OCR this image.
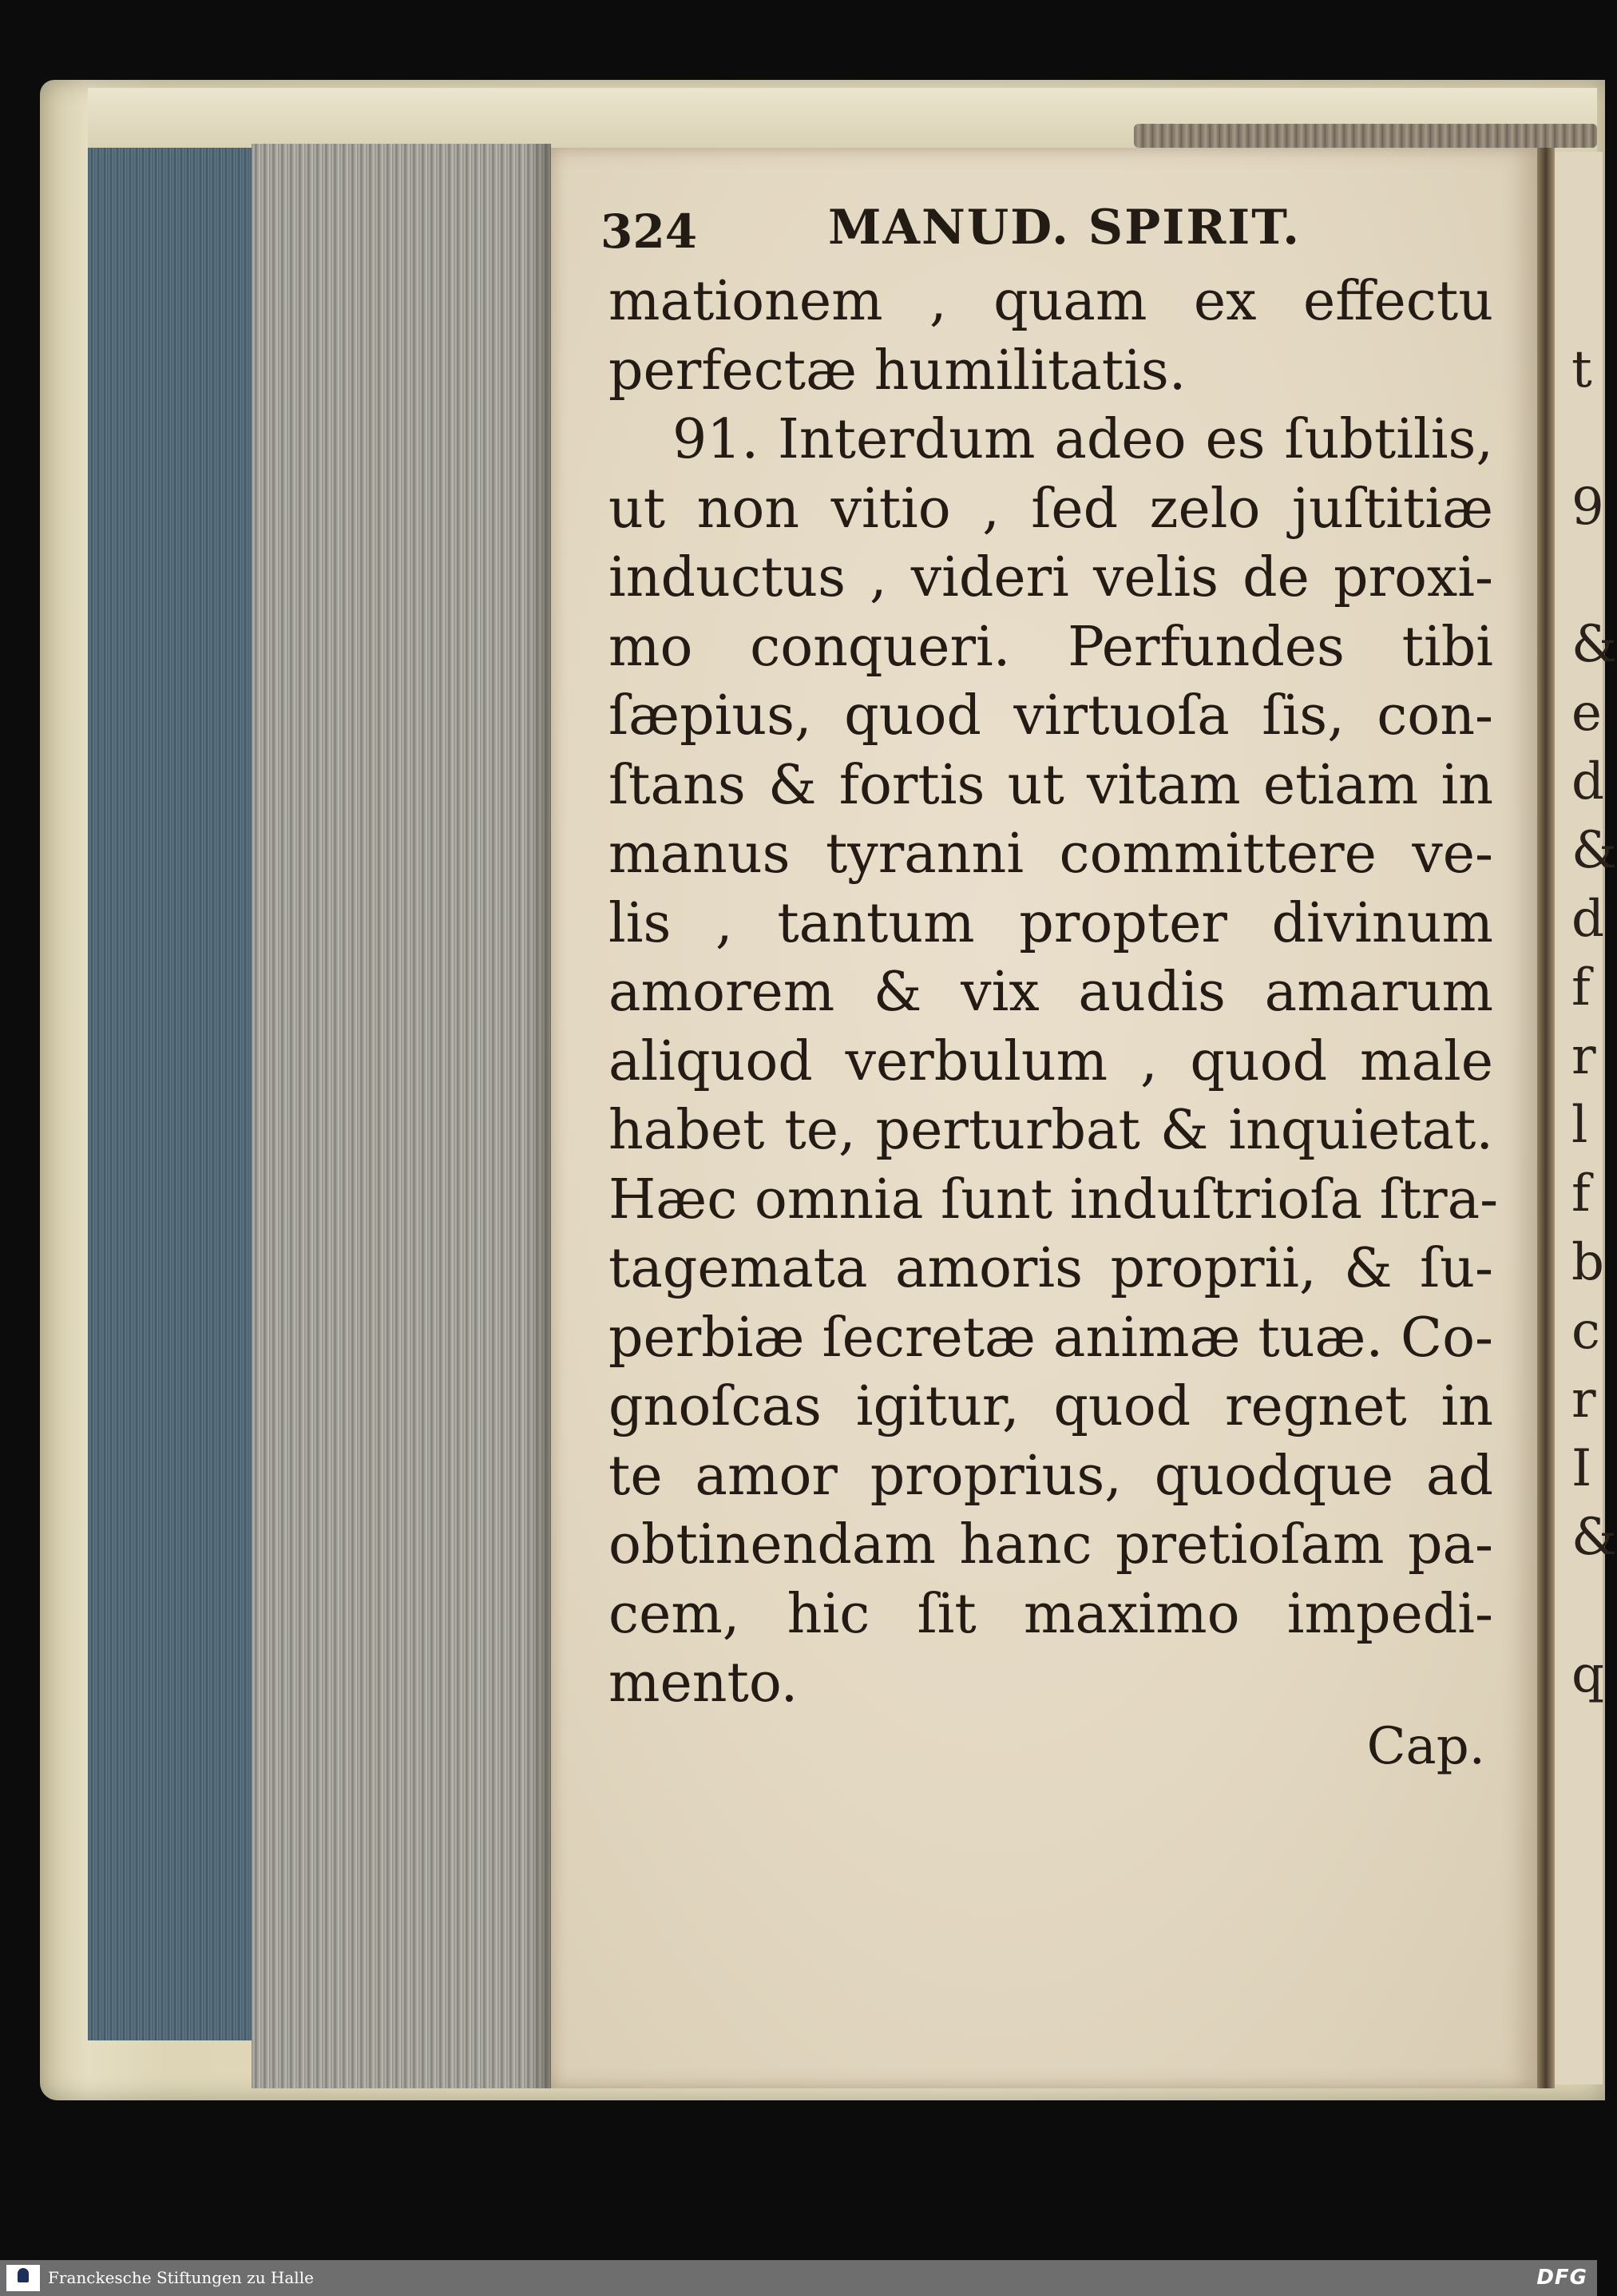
t

9

&
e
d
&
d
f
r
l
f
b
c
r
I
&

q
324	MANUD. SPIRIT.
mationem , quam ex effectu
perfectæ humilitatis.
91. Interdum adeo es ſubtilis,
ut non vitio , ſed zelo juſtitiæ
inductus , videri velis de proxi-
mo conqueri. Perfundes tibi
ſæpius, quod virtuoſa ſis, con-
ſtans & fortis ut vitam etiam in
manus tyranni committere ve-
lis , tantum propter divinum
amorem & vix audis amarum
aliquod verbulum , quod male
habet te, perturbat & inquietat.
Hæc omnia ſunt induſtrioſa ſtra-
tagemata amoris proprii, & ſu-
perbiæ ſecretæ animæ tuæ. Co-
gnoſcas igitur, quod regnet in
te amor proprius, quodque ad
obtinendam hanc pretioſam pa-
cem, hic ſit maximo impedi-
mento.
Cap.
Franckesche Stiftungen zu Halle	DFG
